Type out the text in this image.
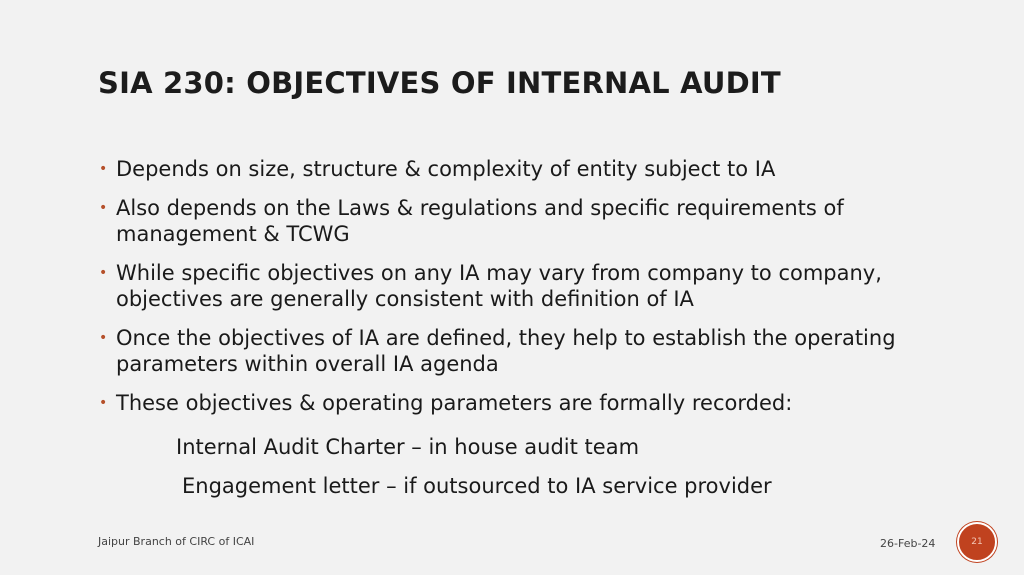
SIA 230: OBJECTIVES OF INTERNAL AUDIT
• Depends on size, structure & complexity of entity subject to IA
• Also depends on the Laws & regulations and specific requirements of management & TCWG
• While specific objectives on any IA may vary from company to company, objectives are generally consistent with definition of IA
• Once the objectives of IA are defined, they help to establish the operating parameters within overall IA agenda
• These objectives & operating parameters are formally recorded:
Internal Audit Charter – in house audit team
Engagement letter – if outsourced to IA service provider
Jaipur Branch of CIRC of ICAI	26-Feb-24	21
